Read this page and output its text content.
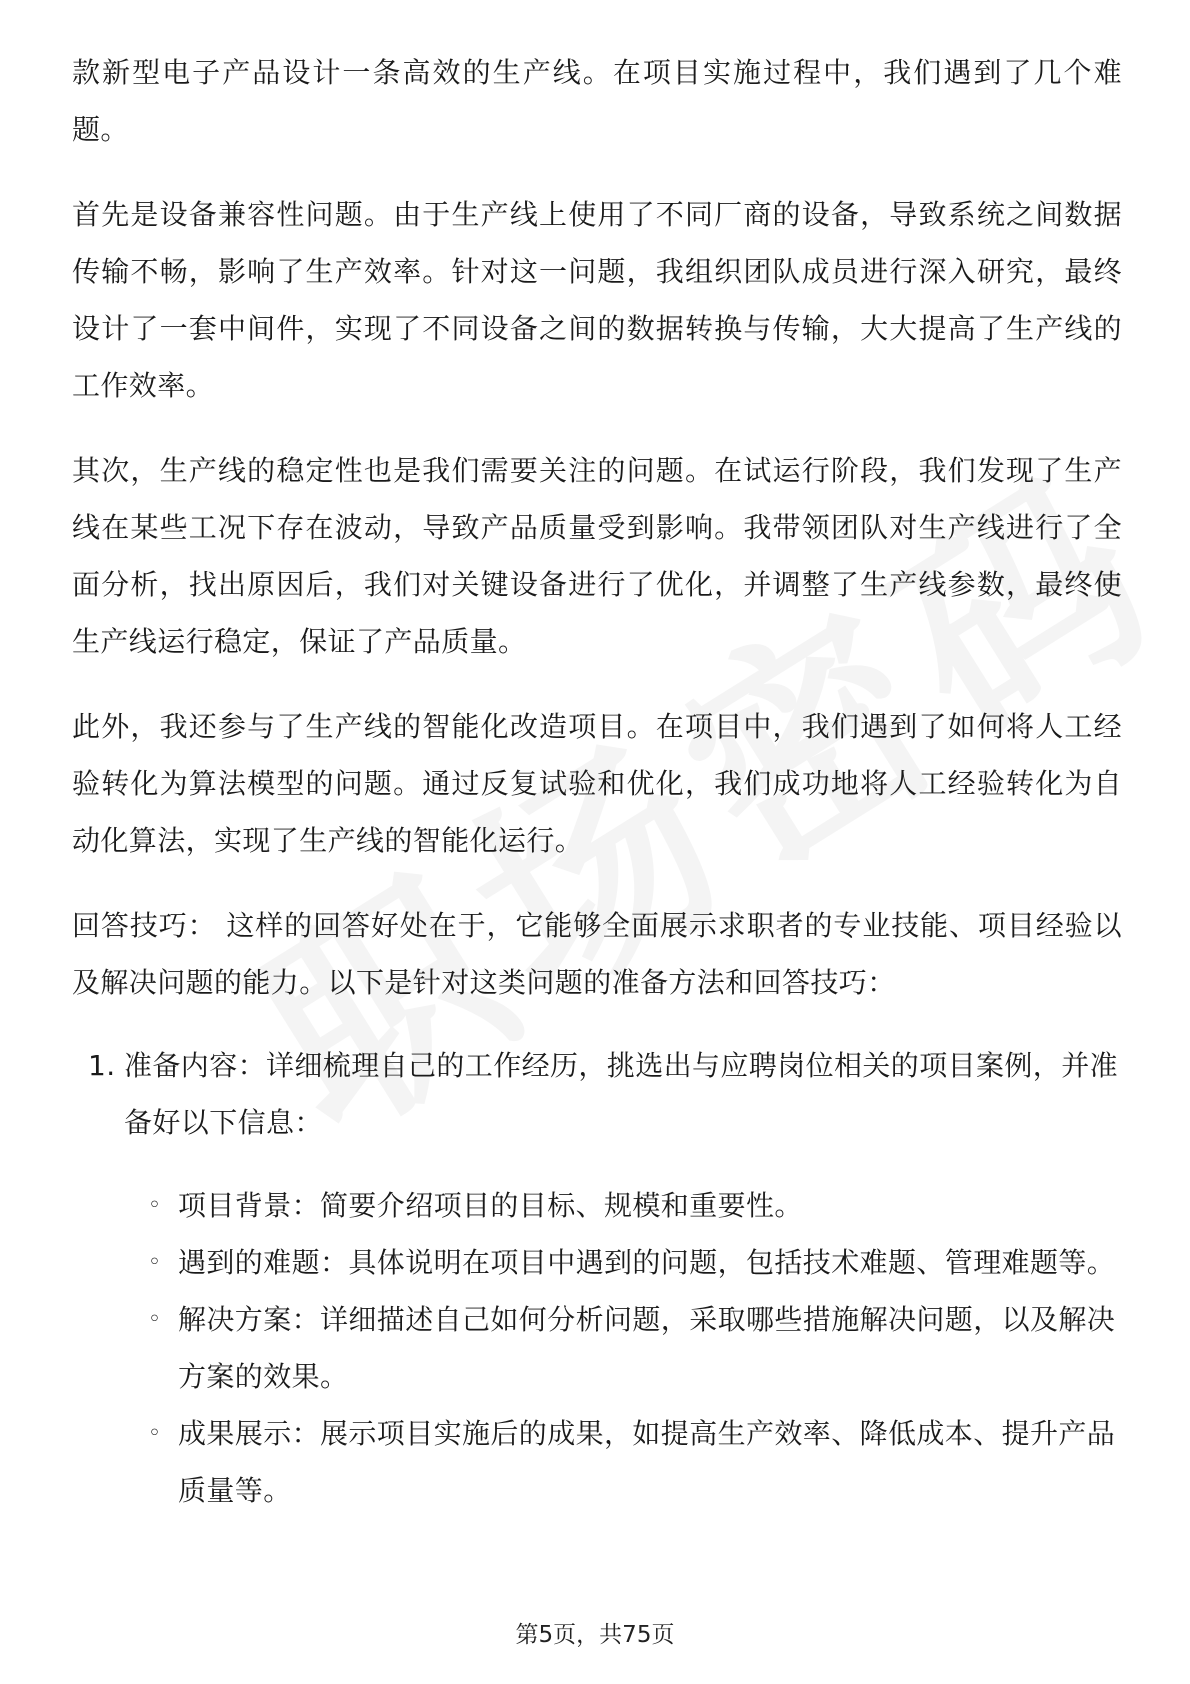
款新型电子产品设计一条高效的生产线。在项目实施过程中，我们遇到了几个难题。

首先是设备兼容性问题。由于生产线上使用了不同厂商的设备，导致系统之间数据传输不畅，影响了生产效率。针对这一问题，我组织团队成员进行深入研究，最终设计了一套中间件，实现了不同设备之间的数据转换与传输，大大提高了生产线的工作效率。

其次，生产线的稳定性也是我们需要关注的问题。在试运行阶段，我们发现了生产线在某些工况下存在波动，导致产品质量受到影响。我带领团队对生产线进行了全面分析，找出原因后，我们对关键设备进行了优化，并调整了生产线参数，最终使生产线运行稳定，保证了产品质量。

此外，我还参与了生产线的智能化改造项目。在项目中，我们遇到了如何将人工经验转化为算法模型的问题。通过反复试验和优化，我们成功地将人工经验转化为自动化算法，实现了生产线的智能化运行。

回答技巧： 这样的回答好处在于，它能够全面展示求职者的专业技能、项目经验以及解决问题的能力。以下是针对这类问题的准备方法和回答技巧：

1. 准备内容：详细梳理自己的工作经历，挑选出与应聘岗位相关的项目案例，并准备好以下信息：
◦ 项目背景：简要介绍项目的目标、规模和重要性。
◦ 遇到的难题：具体说明在项目中遇到的问题，包括技术难题、管理难题等。
◦ 解决方案：详细描述自己如何分析问题，采取哪些措施解决问题，以及解决方案的效果。
◦ 成果展示：展示项目实施后的成果，如提高生产效率、降低成本、提升产品质量等。
第5页，共75页
